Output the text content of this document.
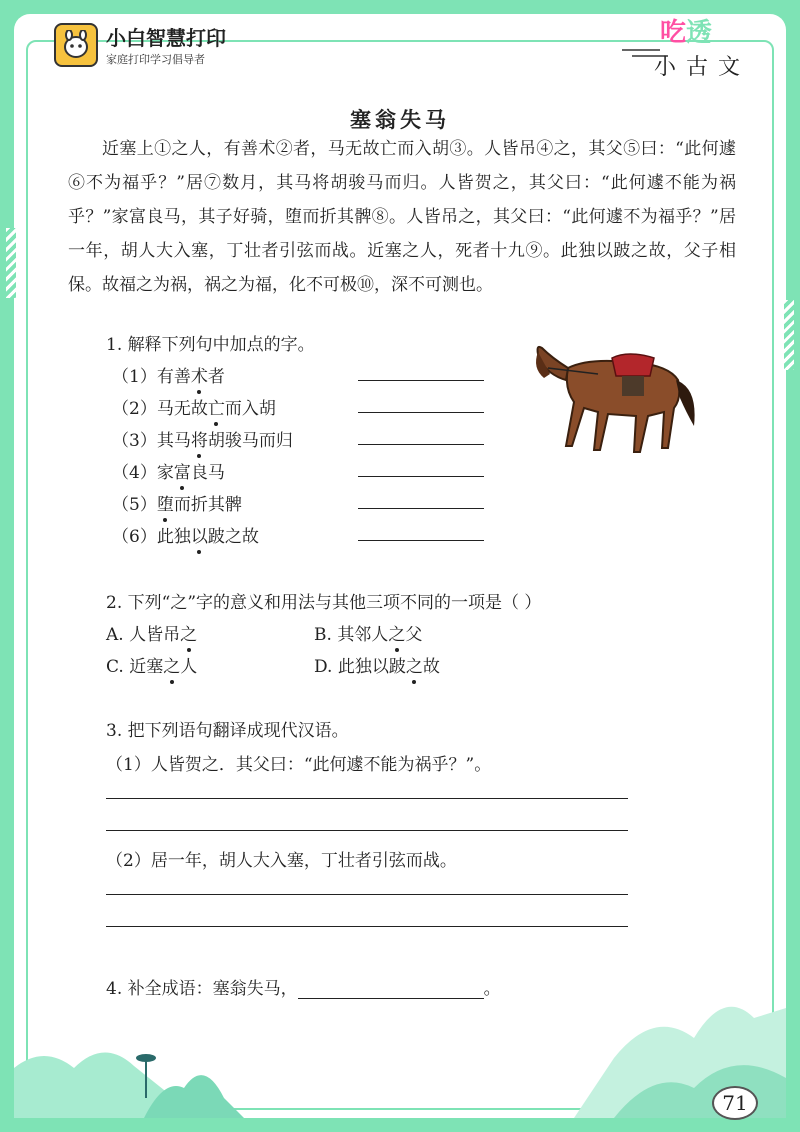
小白智慧打印
家庭打印学习倡导者
吃透
小古文
塞翁失马
近塞上①之人，有善术②者，马无故亡而入胡③。人皆吊④之，其父⑤曰：“此何遽⑥不为福乎？”居⑦数月，其马将胡骏马而归。人皆贺之，其父曰：“此何遽不能为祸乎？”家富良马，其子好骑，堕而折其髀⑧。人皆吊之，其父曰：“此何遽不为福乎？”居一年，胡人大入塞，丁壮者引弦而战。近塞之人，死者十九⑨。此独以跛之故，父子相保。故福之为祸，祸之为福，化不可极⑩，深不可测也。
1. 解释下列句中加点的字。
（1）有善术者
（2）马无故亡而入胡
（3）其马将胡骏马而归
（4）家富良马
（5）堕而折其髀
（6）此独以跛之故
2. 下列“之”字的意义和用法与其他三项不同的一项是（ ）
A. 人皆吊之	B. 其邻人之父
C. 近塞之人	D. 此独以跛之故
3. 把下列语句翻译成现代汉语。
（1）人皆贺之．其父曰：“此何遽不能为祸乎？”。
（2）居一年，胡人大入塞，丁壮者引弦而战。
4. 补全成语：塞翁失马，	。
71
